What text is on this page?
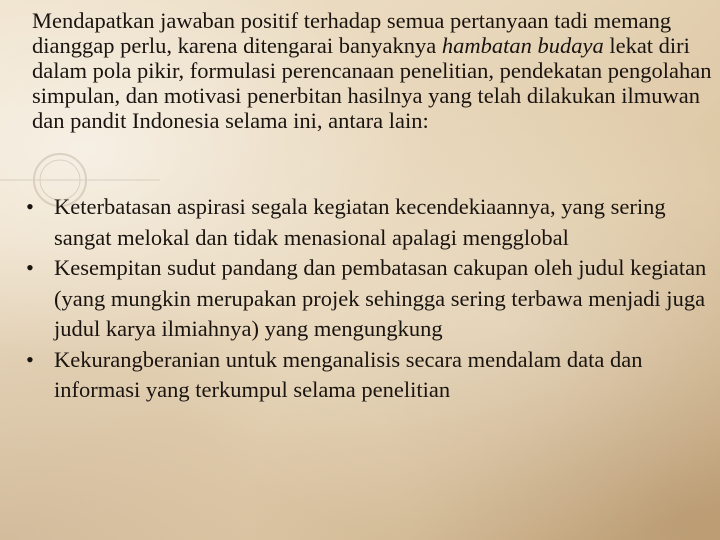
Mendapatkan jawaban positif terhadap semua pertanyaan tadi memang dianggap perlu, karena ditengarai banyaknya hambatan budaya lekat diri dalam pola pikir, formulasi perencanaan penelitian, pendekatan pengolahan simpulan, dan motivasi penerbitan hasilnya yang telah dilakukan ilmuwan dan pandit Indonesia selama ini, antara lain:

• Keterbatasan aspirasi segala kegiatan kecendekiaannya, yang sering sangat melokal dan tidak menasional apalagi mengglobal
• Kesempitan sudut pandang dan pembatasan cakupan oleh judul kegiatan (yang mungkin merupakan projek sehingga sering terbawa menjadi juga judul karya ilmiahnya) yang mengungkung
• Kekurangberanian untuk menganalisis secara mendalam data dan informasi yang terkumpul selama penelitian
